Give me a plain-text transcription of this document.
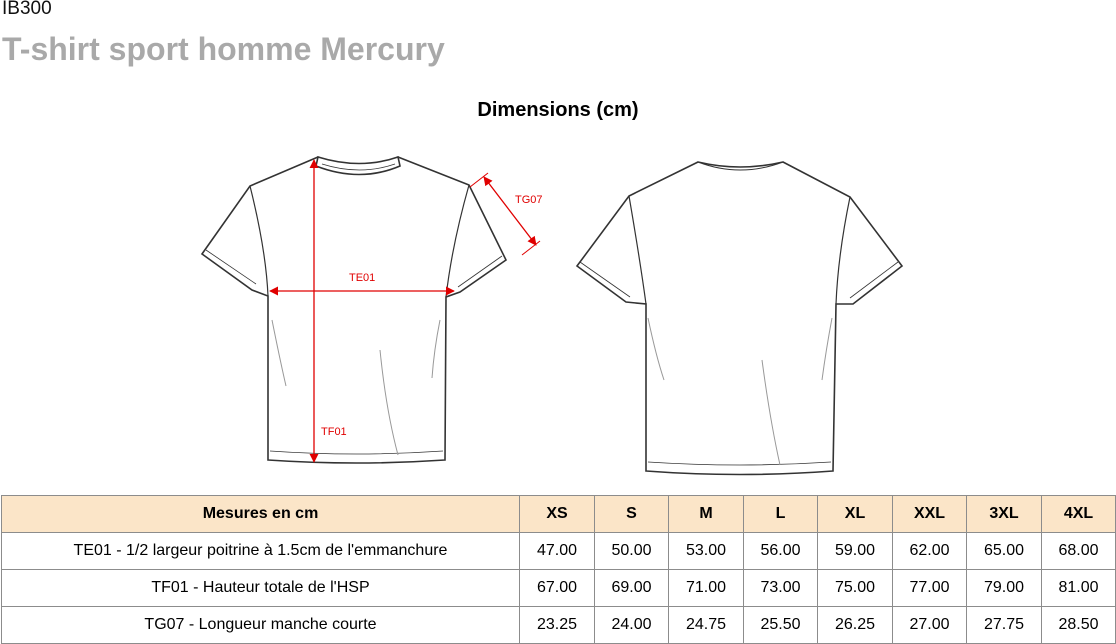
IB300
T-shirt sport homme Mercury
Dimensions (cm)
TE01
TF01
TG07
Mesures en cm	XS	S	M	L	XL	XXL	3XL	4XL
TE01 - 1/2 largeur poitrine à 1.5cm de l'emmanchure	47.00	50.00	53.00	56.00	59.00	62.00	65.00	68.00
TF01 - Hauteur totale de l'HSP	67.00	69.00	71.00	73.00	75.00	77.00	79.00	81.00
TG07 - Longueur manche courte	23.25	24.00	24.75	25.50	26.25	27.00	27.75	28.50
